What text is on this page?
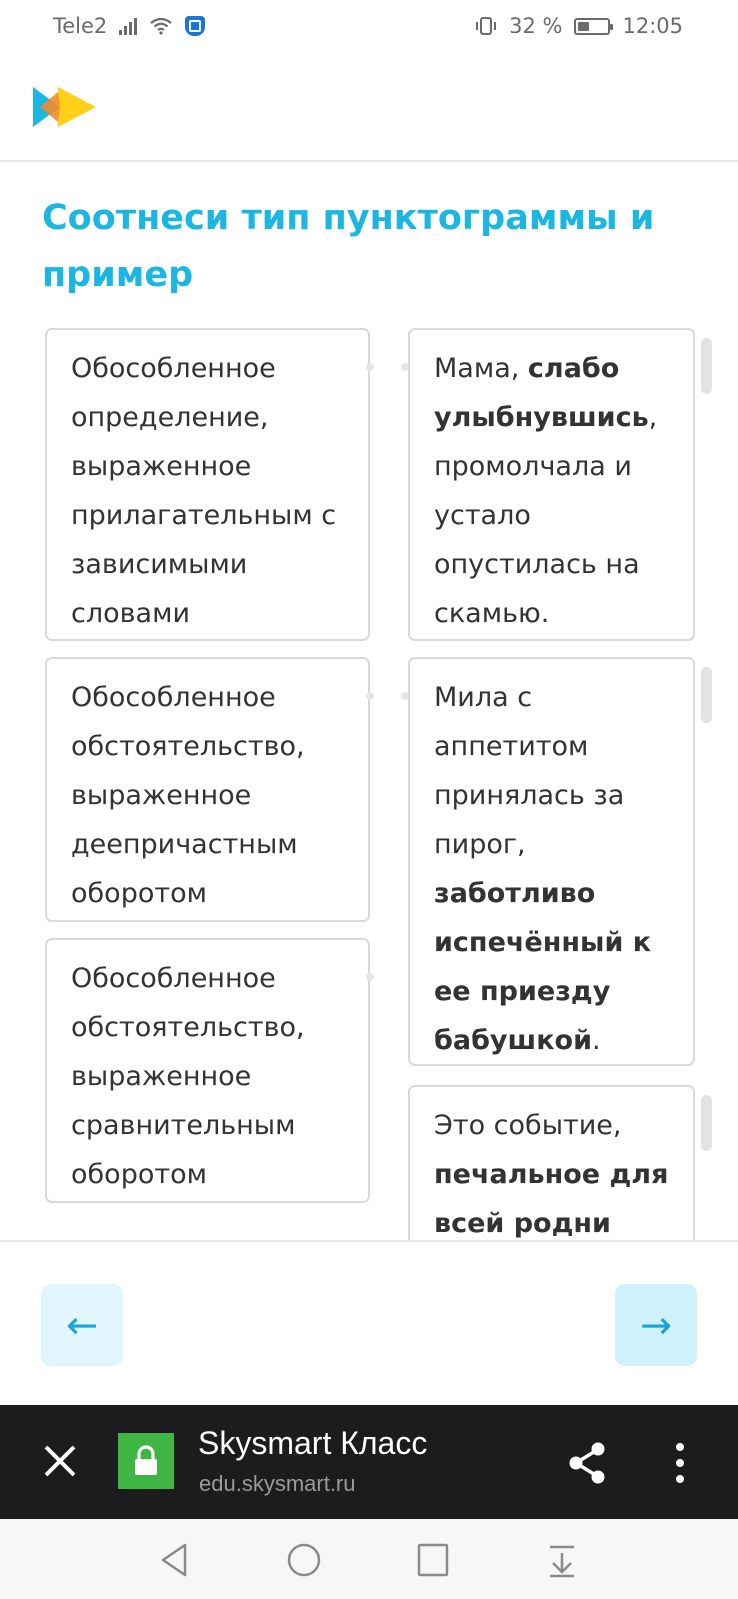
Tele2	32 %	12:05
Соотнеси тип пунктограммы и пример
Обособленное определение, выраженное прилагательным с зависимыми словами
Обособленное обстоятельство, выраженное деепричастным оборотом
Обособленное обстоятельство, выраженное сравнительным оборотом
Мама, слабо улыбнувшись, промолчала и устало опустилась на скамью.
Мила с аппетитом принялась за пирог, заботливо испечённый к ее приезду бабушкой.
Это событие, печальное для всей родни
←	→
Skysmart Класс
edu.skysmart.ru
